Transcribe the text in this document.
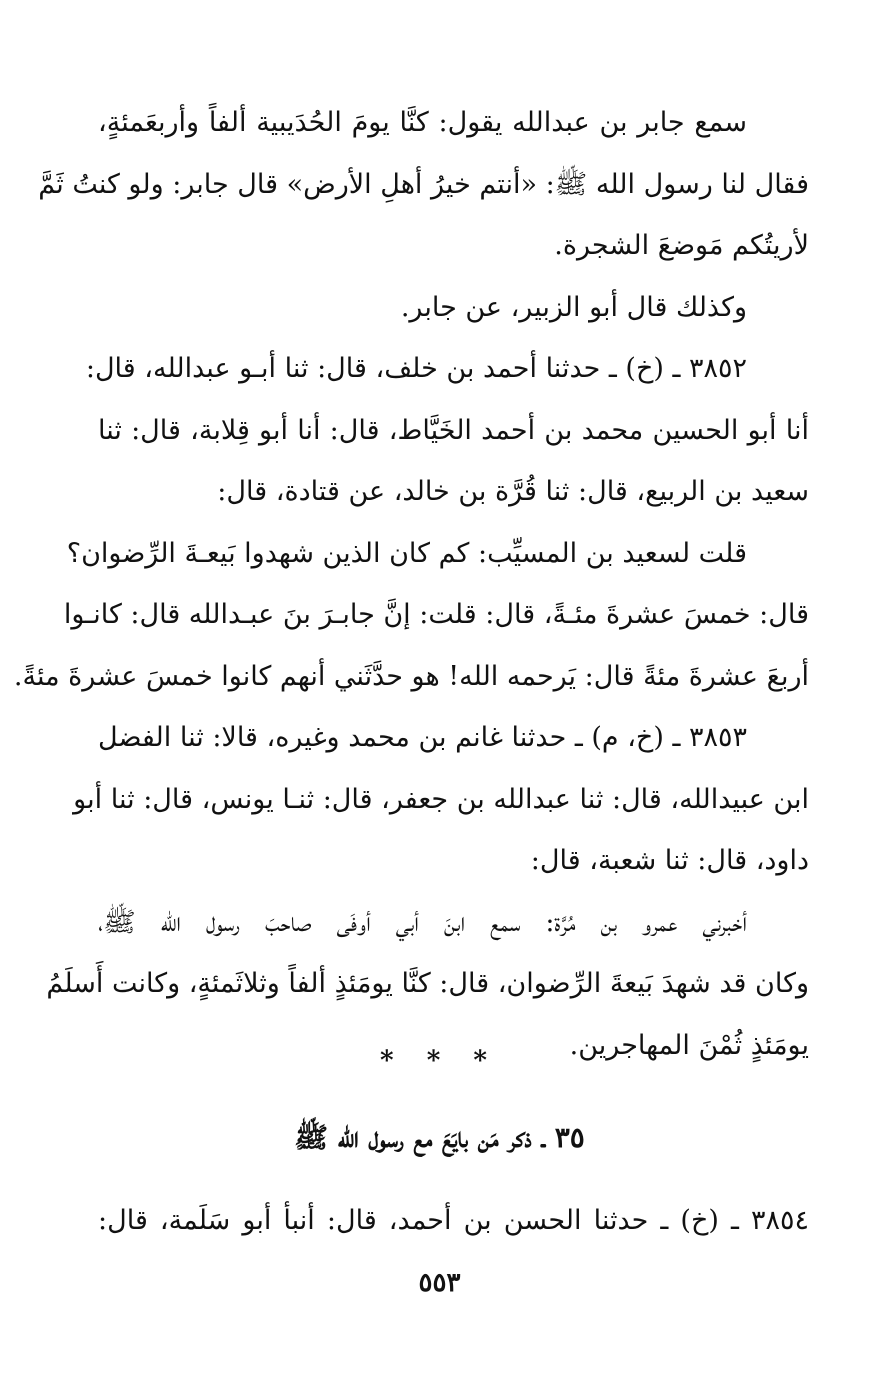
سمع جابر بن عبدالله يقول: كنَّا يومَ الحُدَيبية ألفاً وأربعَمئةٍ،
فقال لنا رسول الله ﷺ: «أنتم خيرُ أهلِ الأرض» قال جابر: ولو كنتُ ثَمَّ
لأريتُكم مَوضعَ الشجرة.
وكذلك قال أبو الزبير، عن جابر.
٣٨٥٢ ـ (خ) ـ حدثنا أحمد بن خلف، قال: ثنا أبـو عبدالله، قال:
أنا أبو الحسين محمد بن أحمد الخَيَّاط، قال: أنا أبو قِلابة، قال: ثنا
سعيد بن الربيع، قال: ثنا قُرَّة بن خالد، عن قتادة، قال:
قلت لسعيد بن المسيِّب: كم كان الذين شهدوا بَيعـةَ الرِّضوان؟
قال: خمسَ عشرةَ مئـةً، قال: قلت: إنَّ جابـرَ بنَ عبـدالله قال: كانـوا
أربعَ عشرةَ مئةً قال: يَرحمه الله! هو حدَّثَني أنهم كانوا خمسَ عشرةَ مئةً.
٣٨٥٣ ـ (خ، م) ـ حدثنا غانم بن محمد وغيره، قالا: ثنا الفضل
ابن عبيدالله، قال: ثنا عبدالله بن جعفر، قال: ثنـا يونس، قال: ثنا أبو
داود، قال: ثنا شعبة، قال:
أخبرني عمرو بن مُرَّة: سمع ابنَ أبي أوفَى صاحبَ رسول الله ﷺ،
وكان قد شهدَ بَيعةَ الرِّضوان، قال: كنَّا يومَئذٍ ألفاً وثلاثَمئةٍ، وكانت أَسلَمُ
يومَئذٍ ثُمْنَ المهاجرين.
* * *
٣٥ ـ ذكر مَن بايَعَ مع رسول الله ﷺ
٣٨٥٤ ـ (خ) ـ حدثنا الحسن بن أحمد، قال: أنبأ أبو سَلَمة، قال:
٥٥٣
